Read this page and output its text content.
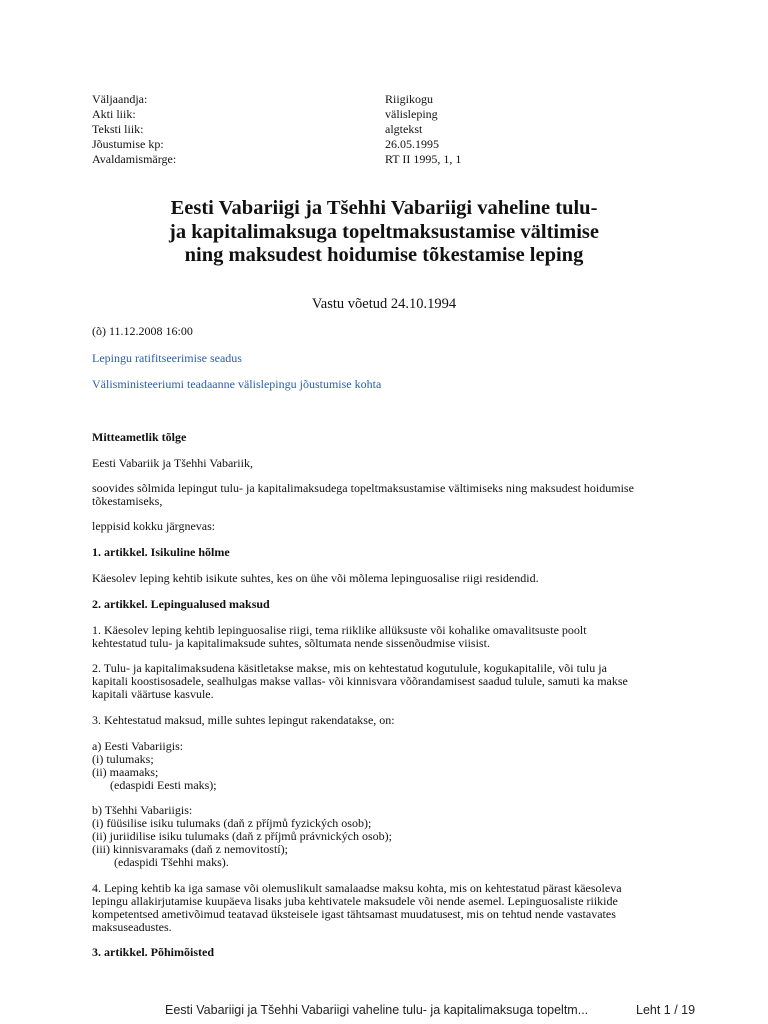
Väljaandja:	Riigikogu
Akti liik:	välisleping
Teksti liik:	algtekst
Jõustumise kp:	26.05.1995
Avaldamismärge:	RT II 1995, 1, 1
Eesti Vabariigi ja Tšehhi Vabariigi vaheline tulu-
ja kapitalimaksuga topeltmaksustamise vältimise
ning maksudest hoidumise tõkestamise leping
Vastu võetud 24.10.1994
(õ) 11.12.2008 16:00
Lepingu ratifitseerimise seadus
Välisministeeriumi teadaanne välislepingu jõustumise kohta
Mitteametlik tõlge
Eesti Vabariik ja Tšehhi Vabariik,
soovides sõlmida lepingut tulu- ja kapitalimaksudega topeltmaksustamise vältimiseks ning maksudest hoidumise
tõkestamiseks,
leppisid kokku järgnevas:
1. artikkel. Isikuline hõlme
Käesolev leping kehtib isikute suhtes, kes on ühe või mõlema lepinguosalise riigi residendid.
2. artikkel. Lepingualused maksud
1. Käesolev leping kehtib lepinguosalise riigi, tema riiklike allüksuste või kohalike omavalitsuste poolt
kehtestatud tulu- ja kapitalimaksude suhtes, sõltumata nende sissenõudmise viisist.
2. Tulu- ja kapitalimaksudena käsitletakse makse, mis on kehtestatud kogutulule, kogukapitalile, või tulu ja
kapitali koostisosadele, sealhulgas makse vallas- või kinnisvara võõrandamisest saadud tulule, samuti ka makse
kapitali väärtuse kasvule.
3. Kehtestatud maksud, mille suhtes lepingut rakendatakse, on:
a) Eesti Vabariigis:
(i) tulumaks;
(ii) maamaks;
(edaspidi Eesti maks);
b) Tšehhi Vabariigis:
(i) füüsilise isiku tulumaks (daň z příjmů fyzických osob);
(ii) juriidilise isiku tulumaks (daň z příjmů právnických osob);
(iii) kinnisvaramaks (daň z nemovitostí);
(edaspidi Tšehhi maks).
4. Leping kehtib ka iga samase või olemuslikult samalaadse maksu kohta, mis on kehtestatud pärast käesoleva
lepingu allakirjutamise kuupäeva lisaks juba kehtivatele maksudele või nende asemel. Lepinguosaliste riikide
kompetentsed ametivõimud teatavad üksteisele igast tähtsamast muudatusest, mis on tehtud nende vastavates
maksuseadustes.
3. artikkel. Põhimõisted
Eesti Vabariigi ja Tšehhi Vabariigi vaheline tulu- ja kapitalimaksuga topeltm...	Leht 1 / 19
